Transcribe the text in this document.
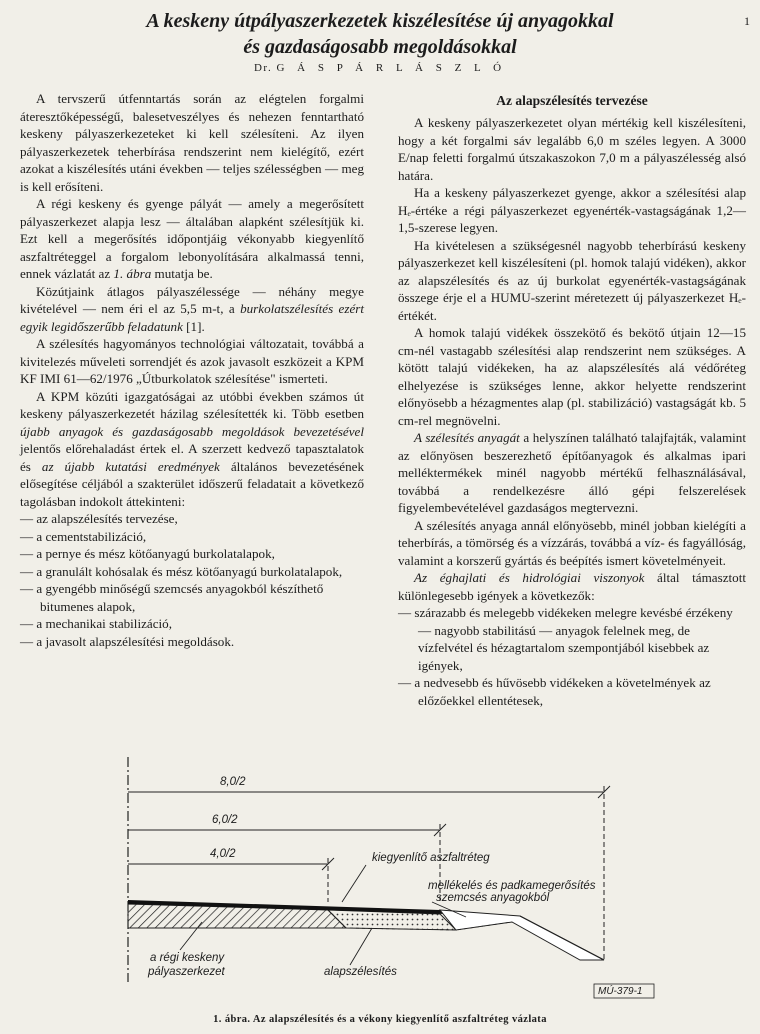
1
A keskeny útpályaszerkezetek kiszélesítése új anyagokkal
és gazdaságosabb megoldásokkal
Dr. G Á S P Á R L Á S Z L Ó

A tervszerű útfenntartás során az elégtelen forgalmi áteresztőképességű, balesetveszélyes és nehezen fenntartható keskeny pályaszerkezeteket ki kell szélesíteni. Az ilyen pályaszerkezetek teherbírása rendszerint nem kielégítő, ezért azokat a kiszélesítés utáni években — teljes szélességben — meg is kell erősíteni.

A régi keskeny és gyenge pályát — amely a megerősített pályaszerkezet alapja lesz — általában alapként szélesítjük ki. Ezt kell a megerősítés időpontjáig vékonyabb kiegyenlítő aszfaltréteggel a forgalom lebonyolítására alkalmassá tenni, ennek vázlatát az 1. ábra mutatja be.

Közútjaink átlagos pályaszélessége — néhány megye kivételével — nem éri el az 5,5 m-t, a burkolatszélesítés ezért egyik legidőszerűbb feladatunk [1].

A szélesítés hagyományos technológiai változatait, továbbá a kivitelezés műveleti sorrendjét és azok javasolt eszközeit a KPM KF IMI 61—62/1976 „Útburkolatok szélesítése" ismerteti.

A KPM közúti igazgatóságai az utóbbi években számos út keskeny pályaszerkezetét házilag szélesítették ki. Több esetben újabb anyagok és gazdaságosabb megoldások bevezetésével jelentős előrehaladást értek el. A szerzett kedvező tapasztalatok és az újabb kutatási eredmények általános bevezetésének elősegítése céljából a szakterület időszerű feladatait a következő tagolásban indokolt áttekinteni:

— az alapszélesítés tervezése,
— a cementstabilizáció,
— a pernye és mész kötőanyagú burkolatalapok,
— a granulált kohósalak és mész kötőanyagú burkolatalapok,
— a gyengébb minőségű szemcsés anyagokból készíthető bitumenes alapok,
— a mechanikai stabilizáció,
— a javasolt alapszélesítési megoldások.
Az alapszélesítés tervezése

A keskeny pályaszerkezetet olyan mértékig kell kiszélesíteni, hogy a két forgalmi sáv legalább 6,0 m széles legyen. A 3000 E/nap feletti forgalmú útszakaszokon 7,0 m a pályaszélesség alsó határa.

Ha a keskeny pályaszerkezet gyenge, akkor a szélesítési alap Hₑ-értéke a régi pályaszerkezet egyenérték-vastagságának 1,2—1,5-szerese legyen.

Ha kivételesen a szükségesnél nagyobb teherbírású keskeny pályaszerkezet kell kiszélesíteni (pl. homok talajú vidéken), akkor az alapszélesítés és az új burkolat egyenérték-vastagságának összege érje el a HUMU-szerint méretezett új pályaszerkezet Hₑ-értékét.

A homok talajú vidékek összekötő és bekötő útjain 12—15 cm-nél vastagabb szélesítési alap rendszerint nem szükséges. A kötött talajú vidékeken, ha az alapszélesítés alá védőréteg elhelyezése is szükséges lenne, akkor helyette rendszerint előnyösebb a hézagmentes alap (pl. stabilizáció) vastagságát kb. 5 cm-rel megnövelni.

A szélesítés anyagát a helyszínen található talajfajták, valamint az előnyösen beszerezhető építőanyagok és alkalmas ipari melléktermékek minél nagyobb mértékű felhasználásával, továbbá a rendelkezésre álló gépi felszerelések figyelembevételével gazdaságos megtervezni.

A szélesítés anyaga annál előnyösebb, minél jobban kielégíti a teherbírás, a tömörség és a vízzárás, továbbá a víz- és fagyállóság, valamint a korszerű gyártás és beépítés ismert követelményeit.

Az éghajlati és hidrológiai viszonyok által támasztott különlegesebb igények a következők:

— szárazabb és melegebb vidékeken melegre kevésbé érzékeny — nagyobb stabilitású — anyagok felelnek meg, de vízfelvétel és hézagtartalom szempontjából kisebbek az igények,
— a nedvesebb és hűvösebb vidékeken a követelmények az előzőekkel ellentétesek,
8,0/2
6,0/2
4,0/2	kiegyenlítő aszfaltréteg
mellékelés és padkamegerősítés
szemcsés anyagokból
a régi keskeny
pályaszerkezet	alapszélesítés
MÚ-379-1
1. ábra. Az alapszélesítés és a vékony kiegyenlítő aszfaltréteg vázlata
